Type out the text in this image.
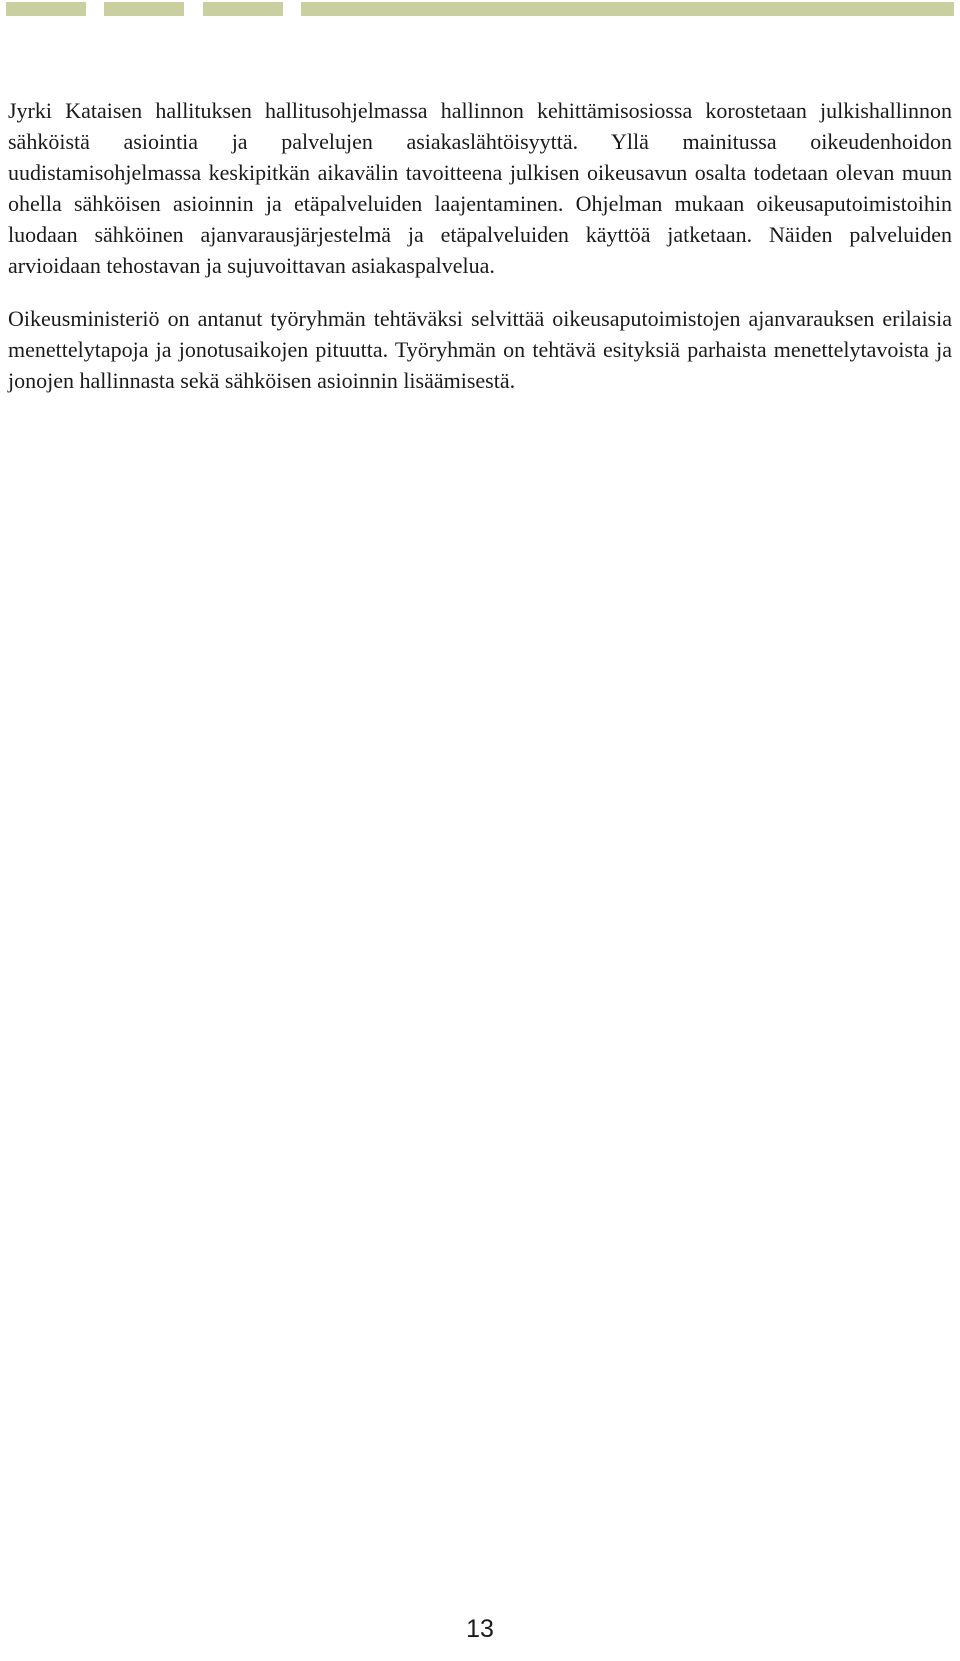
Jyrki Kataisen hallituksen hallitusohjelmassa hallinnon kehittämisosiossa korostetaan julkishallinnon sähköistä asiointia ja palvelujen asiakaslähtöisyyttä. Yllä mainitussa oikeudenhoidon uudistamisohjelmassa keskipitkän aikavälin tavoitteena julkisen oikeusavun osalta todetaan olevan muun ohella sähköisen asioinnin ja etäpalveluiden laajentaminen. Ohjelman mukaan oikeusaputoimistoihin luodaan sähköinen ajanvarausjärjestelmä ja etäpalveluiden käyttöä jatketaan. Näiden palveluiden arvioidaan tehostavan ja sujuvoittavan asiakaspalvelua.

Oikeusministeriö on antanut työryhmän tehtäväksi selvittää oikeusaputoimistojen ajanvarauksen erilaisia menettelytapoja ja jonotusaikojen pituutta. Työryhmän on tehtävä esityksiä parhaista menettelytavoista ja jonojen hallinnasta sekä sähköisen asioinnin lisäämisestä.

13
